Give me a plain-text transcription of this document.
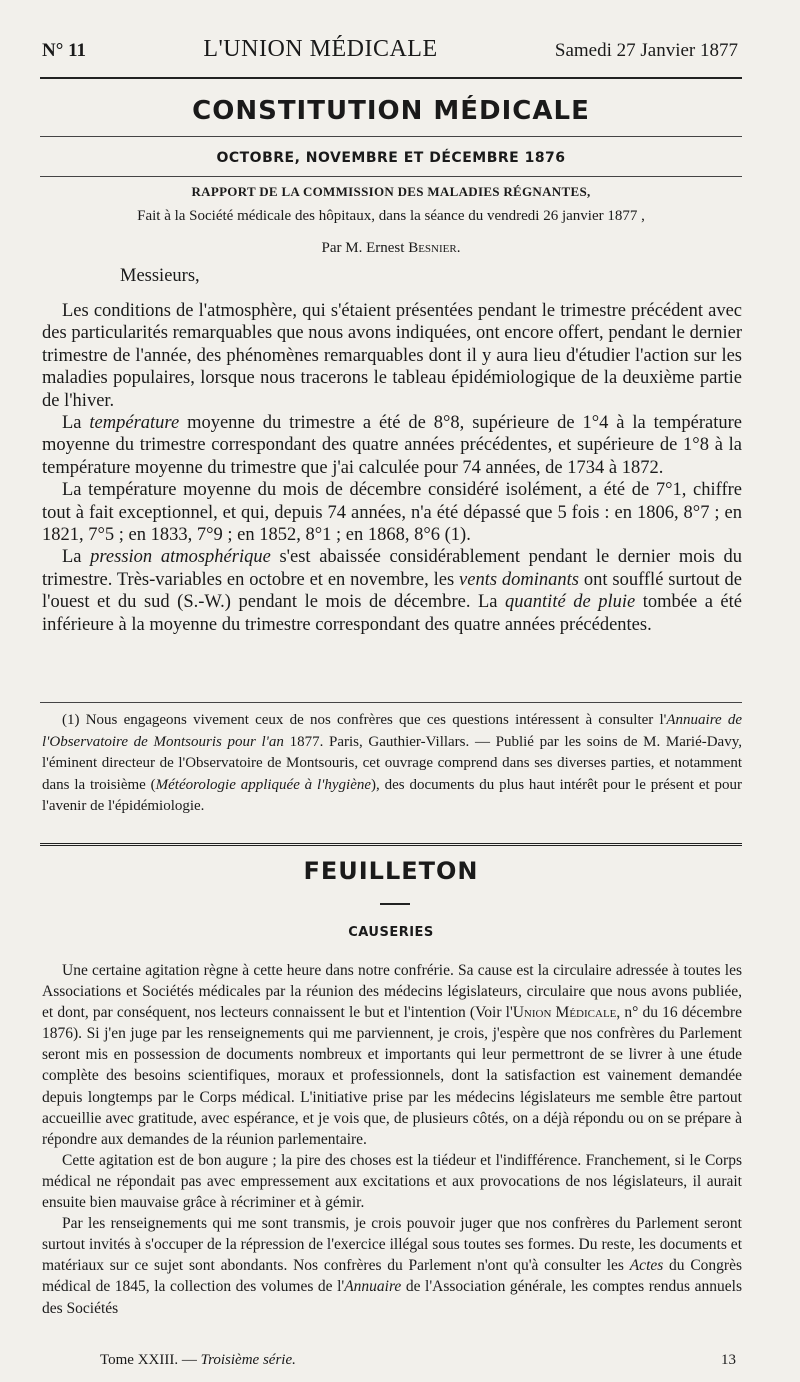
N° 11	L'UNION MÉDICALE	Samedi 27 Janvier 1877
CONSTITUTION MÉDICALE
OCTOBRE, NOVEMBRE ET DÉCEMBRE 1876
RAPPORT DE LA COMMISSION DES MALADIES RÉGNANTES,
Fait à la Société médicale des hôpitaux, dans la séance du vendredi 26 janvier 1877 ,
Par M. Ernest Besnier.
Messieurs,

Les conditions de l'atmosphère, qui s'étaient présentées pendant le trimestre précédent avec des particularités remarquables que nous avons indiquées, ont encore offert, pendant le dernier trimestre de l'année, des phénomènes remarquables dont il y aura lieu d'étudier l'action sur les maladies populaires, lorsque nous tracerons le tableau épidémiologique de la deuxième partie de l'hiver.

La température moyenne du trimestre a été de 8°8, supérieure de 1°4 à la température moyenne du trimestre correspondant des quatre années précédentes, et supérieure de 1°8 à la température moyenne du trimestre que j'ai calculée pour 74 années, de 1734 à 1872.

La température moyenne du mois de décembre considéré isolément, a été de 7°1, chiffre tout à fait exceptionnel, et qui, depuis 74 années, n'a été dépassé que 5 fois : en 1806, 8°7 ; en 1821, 7°5 ; en 1833, 7°9 ; en 1852, 8°1 ; en 1868, 8°6 (1).

La pression atmosphérique s'est abaissée considérablement pendant le dernier mois du trimestre. Très-variables en octobre et en novembre, les vents dominants ont soufflé surtout de l'ouest et du sud (S.-W.) pendant le mois de décembre. La quantité de pluie tombée a été inférieure à la moyenne du trimestre correspondant des quatre années précédentes.

(1) Nous engageons vivement ceux de nos confrères que ces questions intéressent à consulter l'Annuaire de l'Observatoire de Montsouris pour l'an 1877. Paris, Gauthier-Villars. — Publié par les soins de M. Marié-Davy, l'éminent directeur de l'Observatoire de Montsouris, cet ouvrage comprend dans ses diverses parties, et notamment dans la troisième (Météorologie appliquée à l'hygiène), des documents du plus haut intérêt pour le présent et pour l'avenir de l'épidémiologie.

FEUILLETON
CAUSERIES

Une certaine agitation règne à cette heure dans notre confrérie. Sa cause est la circulaire adressée à toutes les Associations et Sociétés médicales par la réunion des médecins législateurs, circulaire que nous avons publiée, et dont, par conséquent, nos lecteurs connaissent le but et l'intention (Voir l'Union Médicale, n° du 16 décembre 1876). Si j'en juge par les renseignements qui me parviennent, je crois, j'espère que nos confrères du Parlement seront mis en possession de documents nombreux et importants qui leur permettront de se livrer à une étude complète des besoins scientifiques, moraux et professionnels, dont la satisfaction est vainement demandée depuis longtemps par le Corps médical. L'initiative prise par les médecins législateurs me semble être partout accueillie avec gratitude, avec espérance, et je vois que, de plusieurs côtés, on a déjà répondu ou on se prépare à répondre aux demandes de la réunion parlementaire.

Cette agitation est de bon augure ; la pire des choses est la tiédeur et l'indifférence. Franchement, si le Corps médical ne répondait pas avec empressement aux excitations et aux provocations de nos législateurs, il aurait ensuite bien mauvaise grâce à récriminer et à gémir.

Par les renseignements qui me sont transmis, je crois pouvoir juger que nos confrères du Parlement seront surtout invités à s'occuper de la répression de l'exercice illégal sous toutes ses formes. Du reste, les documents et matériaux sur ce sujet sont abondants. Nos confrères du Parlement n'ont qu'à consulter les Actes du Congrès médical de 1845, la collection des volumes de l'Annuaire de l'Association générale, les comptes rendus annuels des Sociétés

Tome XXIII. — Troisième série.	13
